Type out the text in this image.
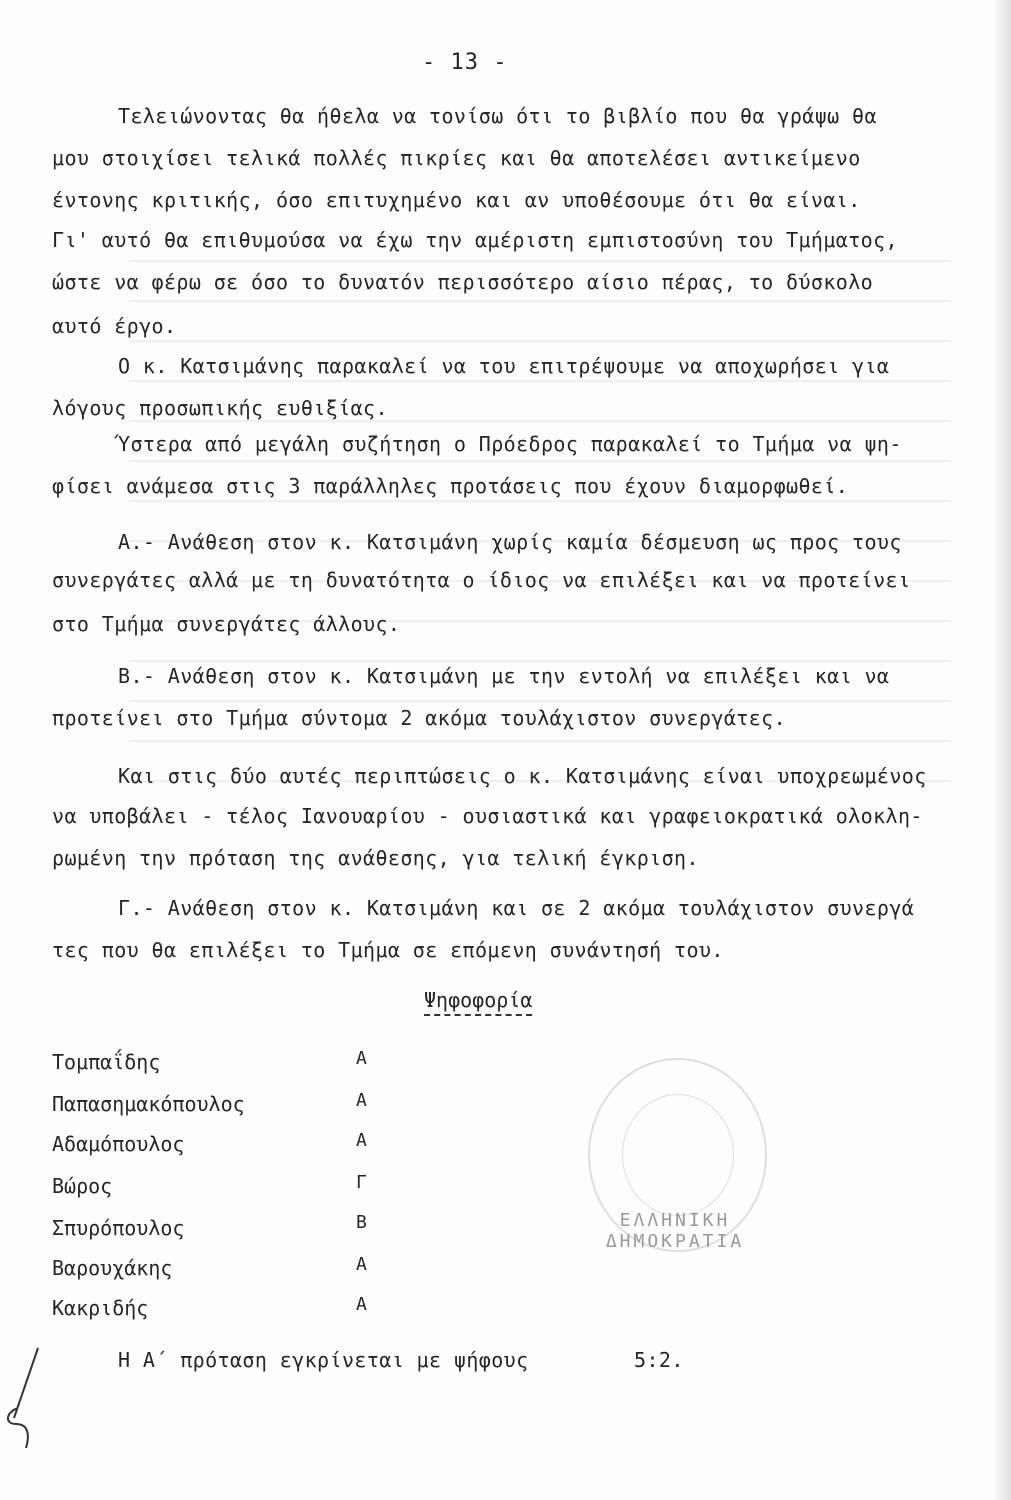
- 13 -
Τελειώνοντας θα ήθελα να τονίσω ότι το βιβλίο που θα γράψω θα
μου στοιχίσει τελικά πολλές πικρίες και θα αποτελέσει αντικείμενο
έντονης κριτικής, όσο επιτυχημένο και αν υποθέσουμε ότι θα είναι.
Γι' αυτό θα επιθυμούσα να έχω την αμέριστη εμπιστοσύνη του Τμήματος,
ώστε να φέρω σε όσο το δυνατόν περισσότερο αίσιο πέρας, το δύσκολο
αυτό έργο.
Ο κ. Κατσιμάνης παρακαλεί να του επιτρέψουμε να αποχωρήσει για
λόγους προσωπικής ευθιξίας.
Ύστερα από μεγάλη συζήτηση ο Πρόεδρος παρακαλεί το Τμήμα να ψη-
φίσει ανάμεσα στις 3 παράλληλες προτάσεις που έχουν διαμορφωθεί.
Α.- Ανάθεση στον κ. Κατσιμάνη χωρίς καμία δέσμευση ως προς τους
συνεργάτες αλλά με τη δυνατότητα ο ίδιος να επιλέξει και να προτείνει
στο Τμήμα συνεργάτες άλλους.
Β.- Ανάθεση στον κ. Κατσιμάνη με την εντολή να επιλέξει και να
προτείνει στο Τμήμα σύντομα 2 ακόμα τουλάχιστον συνεργάτες.
Και στις δύο αυτές περιπτώσεις ο κ. Κατσιμάνης είναι υποχρεωμένος
να υποβάλει - τέλος Ιανουαρίου - ουσιαστικά και γραφειοκρατικά ολοκλη-
ρωμένη την πρόταση της ανάθεσης, για τελική έγκριση.
Γ.- Ανάθεση στον κ. Κατσιμάνη και σε 2 ακόμα τουλάχιστον συνεργά
τες που θα επιλέξει το Τμήμα σε επόμενη συνάντησή του.
Ψηφοφορία
Τομπαΐδης	Α
Παπασημακόπουλος	Α
Αδαμόπουλος	Α
Βώρος	Γ
Σπυρόπουλος	Β
Βαρουχάκης	Α
Κακριδής	Α
ΕΛΛΗΝΙΚΗ ΔΗΜΟΚΡΑΤΙΑ
Η Α΄ πρόταση εγκρίνεται με ψήφους	5:2.
